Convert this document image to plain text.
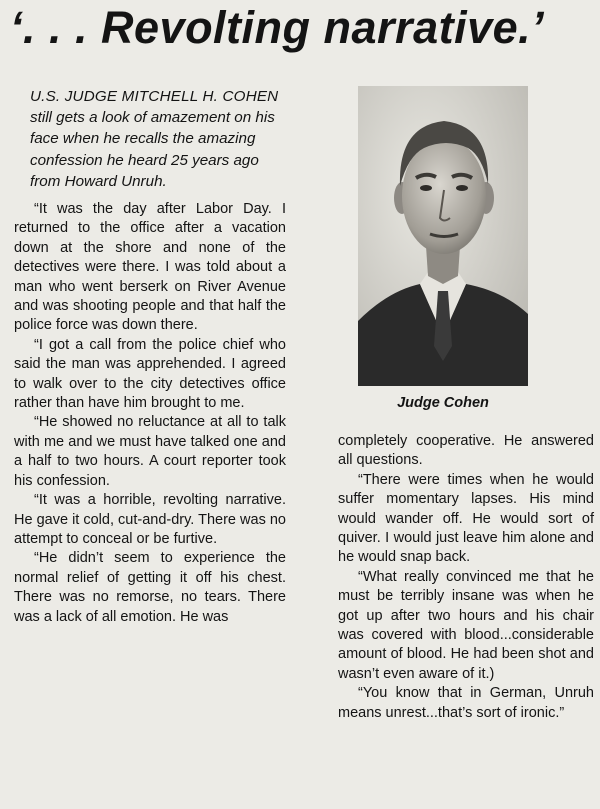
‘. . . Revolting narrative.’

U.S. JUDGE MITCHELL H. COHEN still gets a look of amazement on his face when he recalls the amazing confession he heard 25 years ago from Howard Unruh.

“It was the day after Labor Day. I returned to the office after a vacation down at the shore and none of the detectives were there. I was told about a man who went berserk on River Avenue and was shooting people and that half the police force was down there.

“I got a call from the police chief who said the man was apprehended. I agreed to walk over to the city detectives office rather than have him brought to me.

“He showed no reluctance at all to talk with me and we must have talked one and a half to two hours. A court reporter took his confession.

“It was a horrible, revolting narrative. He gave it cold, cut-and-dry. There was no attempt to conceal or be furtive.

“He didn’t seem to experience the normal relief of getting it off his chest. There was no remorse, no tears. There was a lack of all emotion. He was

Judge Cohen

completely cooperative. He answered all questions.

“There were times when he would suffer momentary lapses. His mind would wander off. He would sort of quiver. I would just leave him alone and he would snap back.

“What really convinced me that he must be terribly insane was when he got up after two hours and his chair was covered with blood...considerable amount of blood. He had been shot and wasn’t even aware of it.)

“You know that in German, Unruh means unrest...that’s sort of ironic.”
